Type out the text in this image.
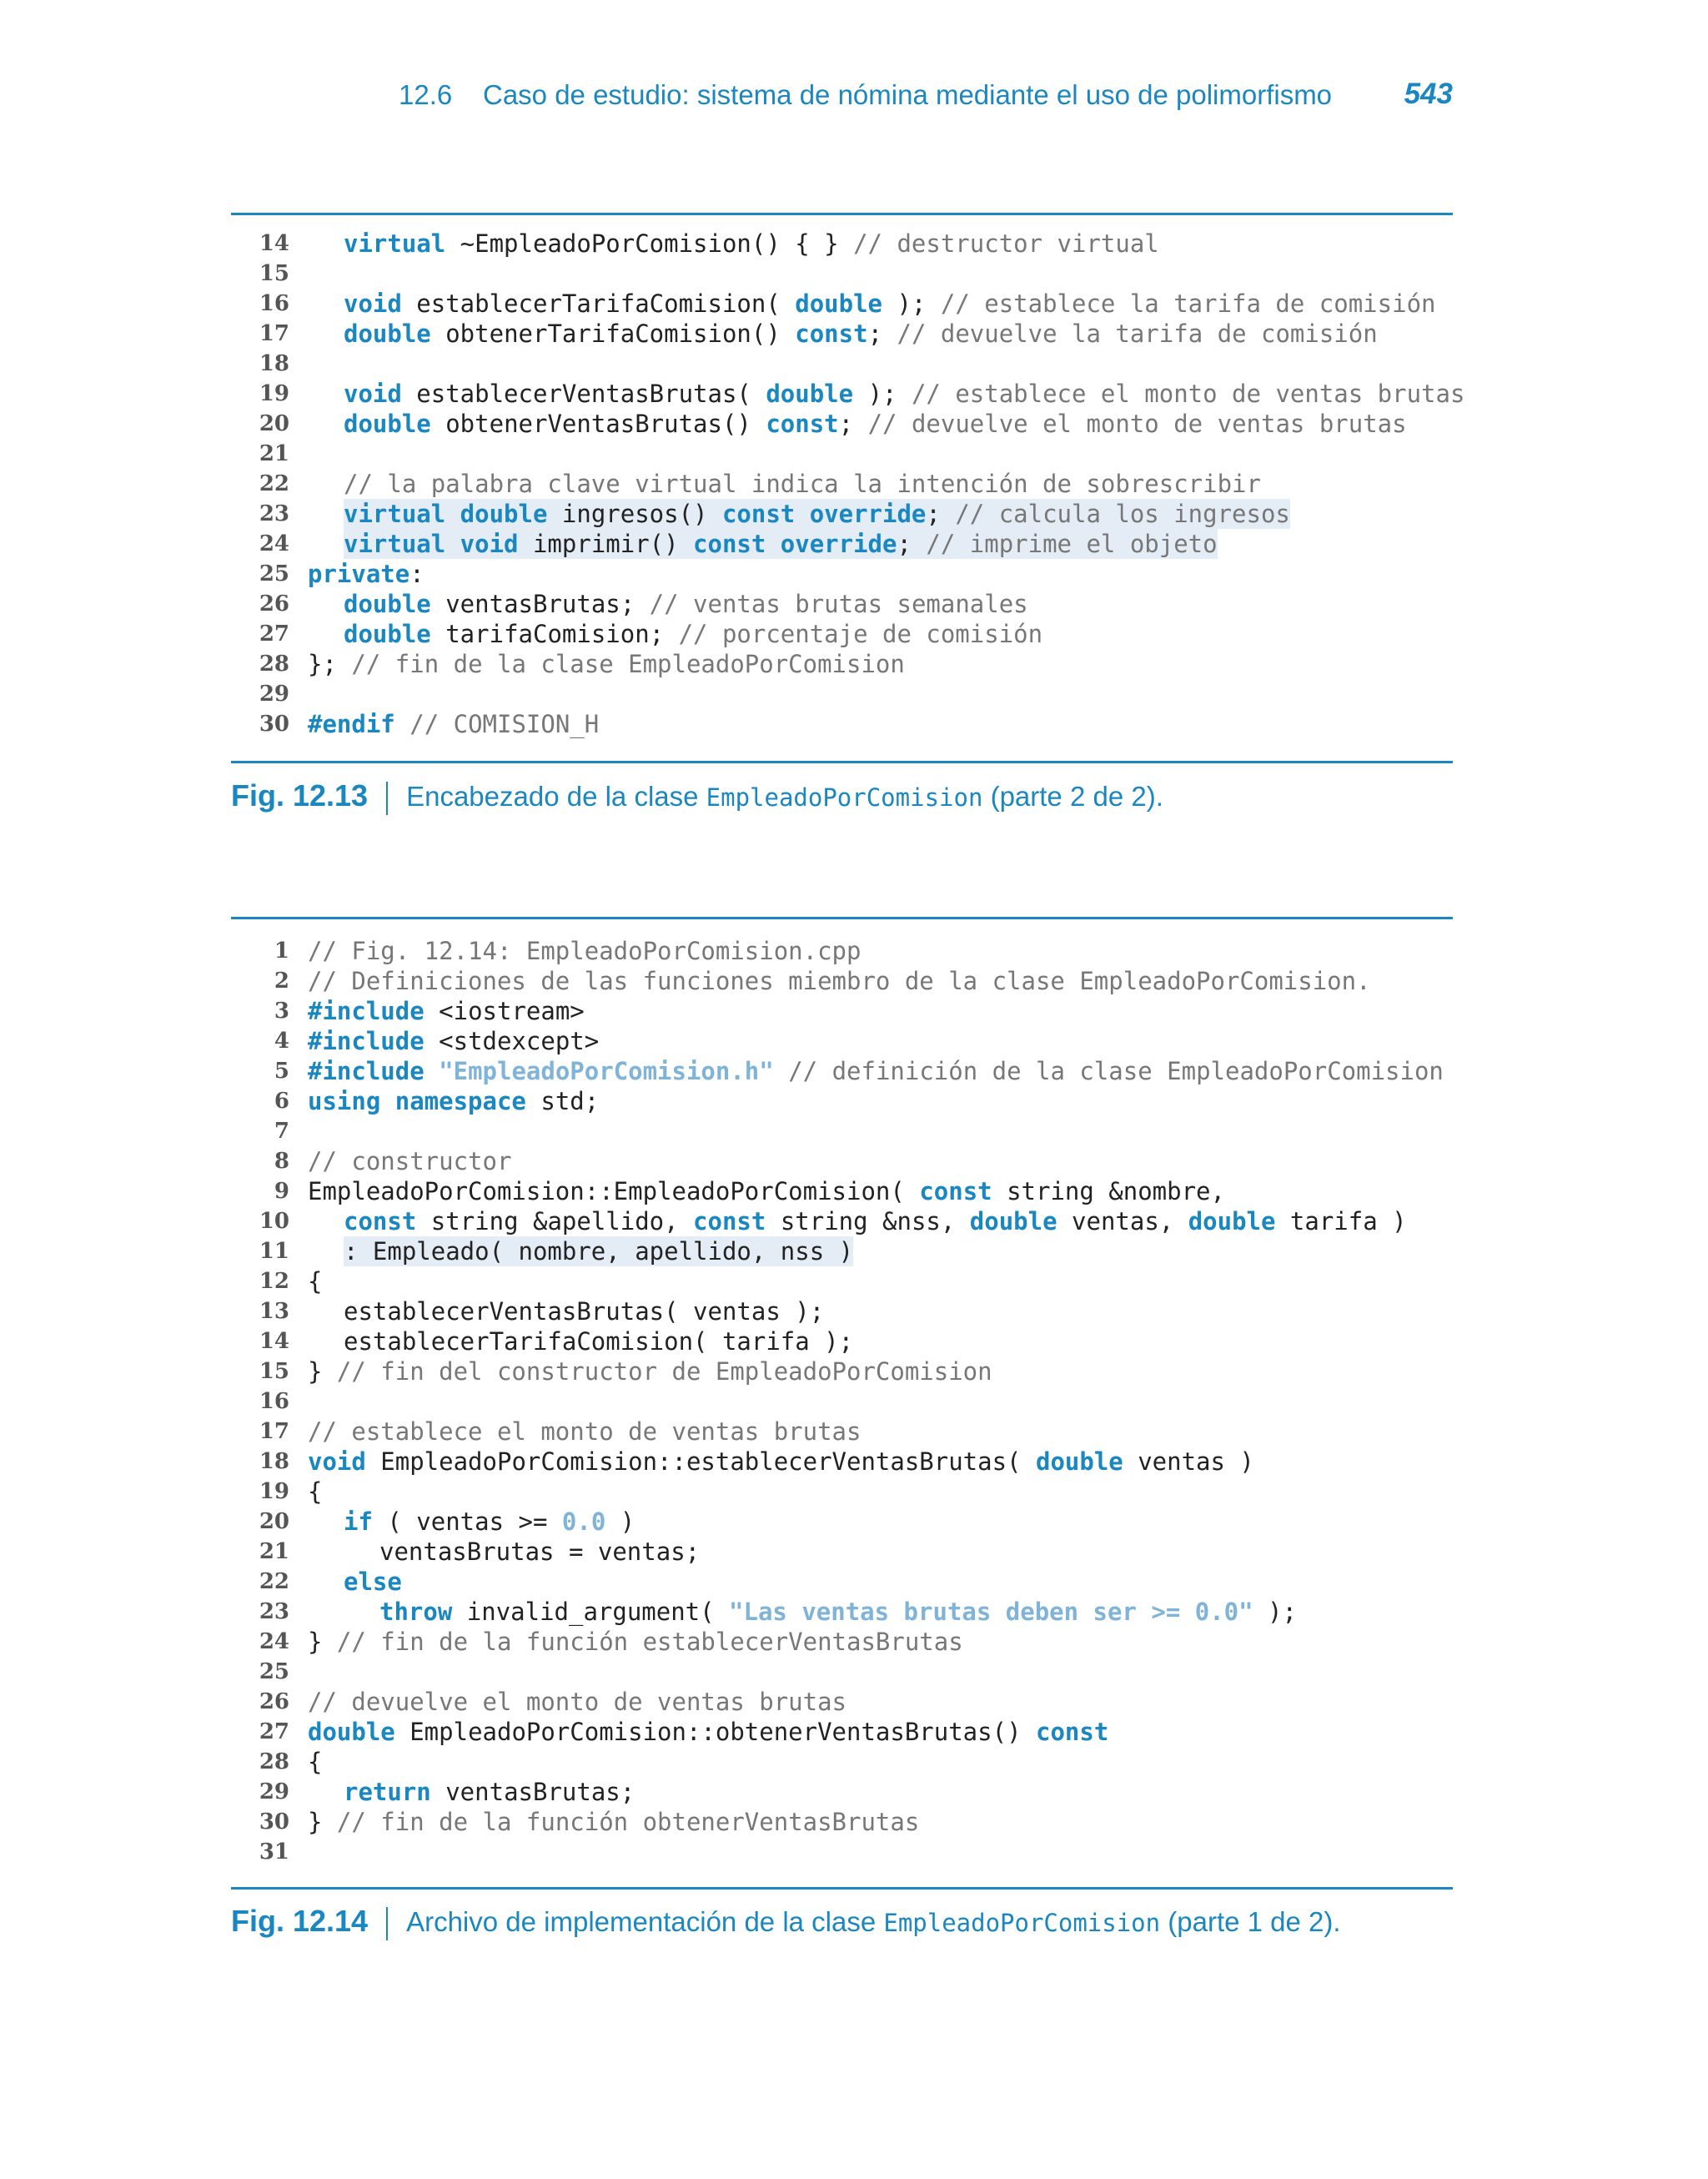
12.6 Caso de estudio: sistema de nómina mediante el uso de polimorfismo 543
14 virtual ~EmpleadoPorComision() { } // destructor virtual
15
16 void establecerTarifaComision( double ); // establece la tarifa de comisión
17 double obtenerTarifaComision() const; // devuelve la tarifa de comisión
18
19 void establecerVentasBrutas( double ); // establece el monto de ventas brutas
20 double obtenerVentasBrutas() const; // devuelve el monto de ventas brutas
21
22 // la palabra clave virtual indica la intención de sobrescribir
23 virtual double ingresos() const override; // calcula los ingresos
24 virtual void imprimir() const override; // imprime el objeto
25 private:
26 double ventasBrutas; // ventas brutas semanales
27 double tarifaComision; // porcentaje de comisión
28 }; // fin de la clase EmpleadoPorComision
29
30 #endif // COMISION_H
Fig. 12.13 Encabezado de la clase EmpleadoPorComision (parte 2 de 2).
1 // Fig. 12.14: EmpleadoPorComision.cpp
2 // Definiciones de las funciones miembro de la clase EmpleadoPorComision.
3 #include <iostream>
4 #include <stdexcept>
5 #include "EmpleadoPorComision.h" // definición de la clase EmpleadoPorComision
6 using namespace std;
7
8 // constructor
9 EmpleadoPorComision::EmpleadoPorComision( const string &nombre,
10 const string &apellido, const string &nss, double ventas, double tarifa )
11 : Empleado( nombre, apellido, nss )
12 {
13 establecerVentasBrutas( ventas );
14 establecerTarifaComision( tarifa );
15 } // fin del constructor de EmpleadoPorComision
16
17 // establece el monto de ventas brutas
18 void EmpleadoPorComision::establecerVentasBrutas( double ventas )
19 {
20 if ( ventas >= 0.0 )
21	ventasBrutas = ventas;
22 else
23	throw invalid_argument( "Las ventas brutas deben ser >= 0.0" );
24 } // fin de la función establecerVentasBrutas
25
26 // devuelve el monto de ventas brutas
27 double EmpleadoPorComision::obtenerVentasBrutas() const
28 {
29 return ventasBrutas;
30 } // fin de la función obtenerVentasBrutas
31
Fig. 12.14 Archivo de implementación de la clase EmpleadoPorComision (parte 1 de 2).
